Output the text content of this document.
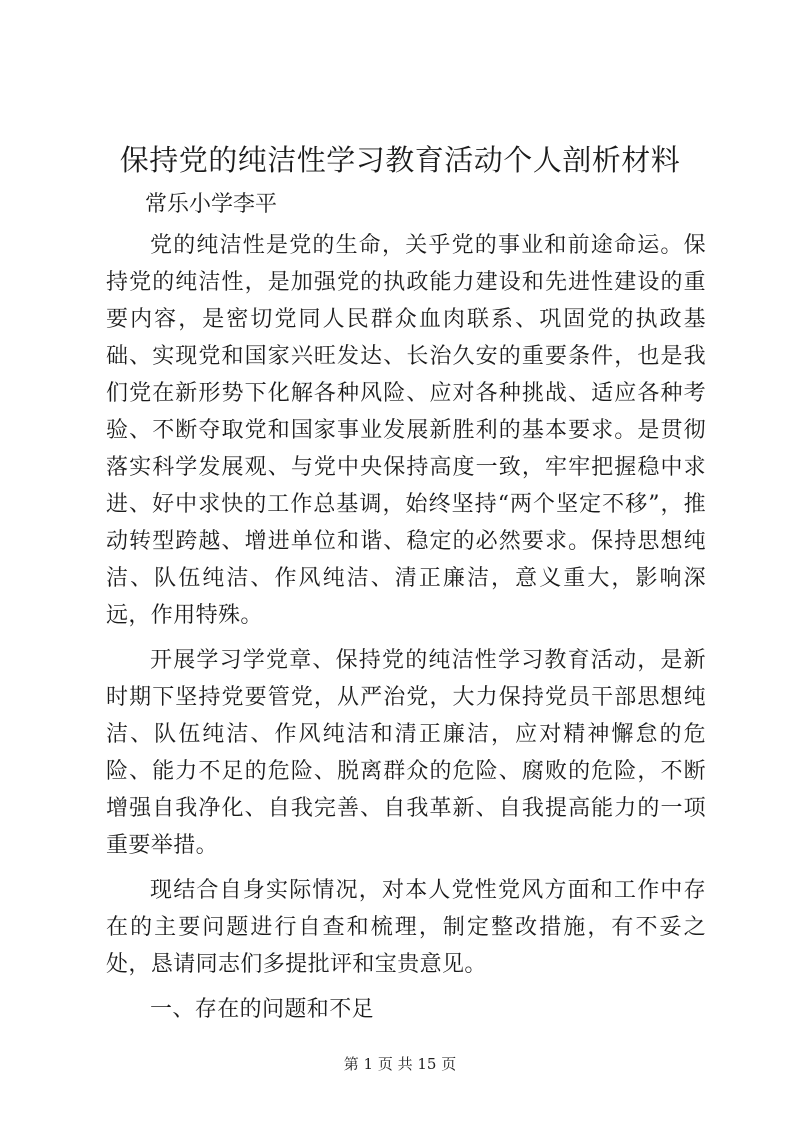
保持党的纯洁性学习教育活动个人剖析材料

常乐小学李平

党的纯洁性是党的生命，关乎党的事业和前途命运。保持党的纯洁性，是加强党的执政能力建设和先进性建设的重要内容，是密切党同人民群众血肉联系、巩固党的执政基础、实现党和国家兴旺发达、长治久安的重要条件，也是我们党在新形势下化解各种风险、应对各种挑战、适应各种考验、不断夺取党和国家事业发展新胜利的基本要求。是贯彻落实科学发展观、与党中央保持高度一致，牢牢把握稳中求进、好中求快的工作总基调，始终坚持“两个坚定不移”，推动转型跨越、增进单位和谐、稳定的必然要求。保持思想纯洁、队伍纯洁、作风纯洁、清正廉洁，意义重大，影响深远，作用特殊。

开展学习学党章、保持党的纯洁性学习教育活动，是新时期下坚持党要管党，从严治党，大力保持党员干部思想纯洁、队伍纯洁、作风纯洁和清正廉洁，应对精神懈怠的危险、能力不足的危险、脱离群众的危险、腐败的危险，不断增强自我净化、自我完善、自我革新、自我提高能力的一项重要举措。

现结合自身实际情况，对本人党性党风方面和工作中存在的主要问题进行自查和梳理，制定整改措施，有不妥之处，恳请同志们多提批评和宝贵意见。

一、存在的问题和不足

第 1 页 共 15 页
